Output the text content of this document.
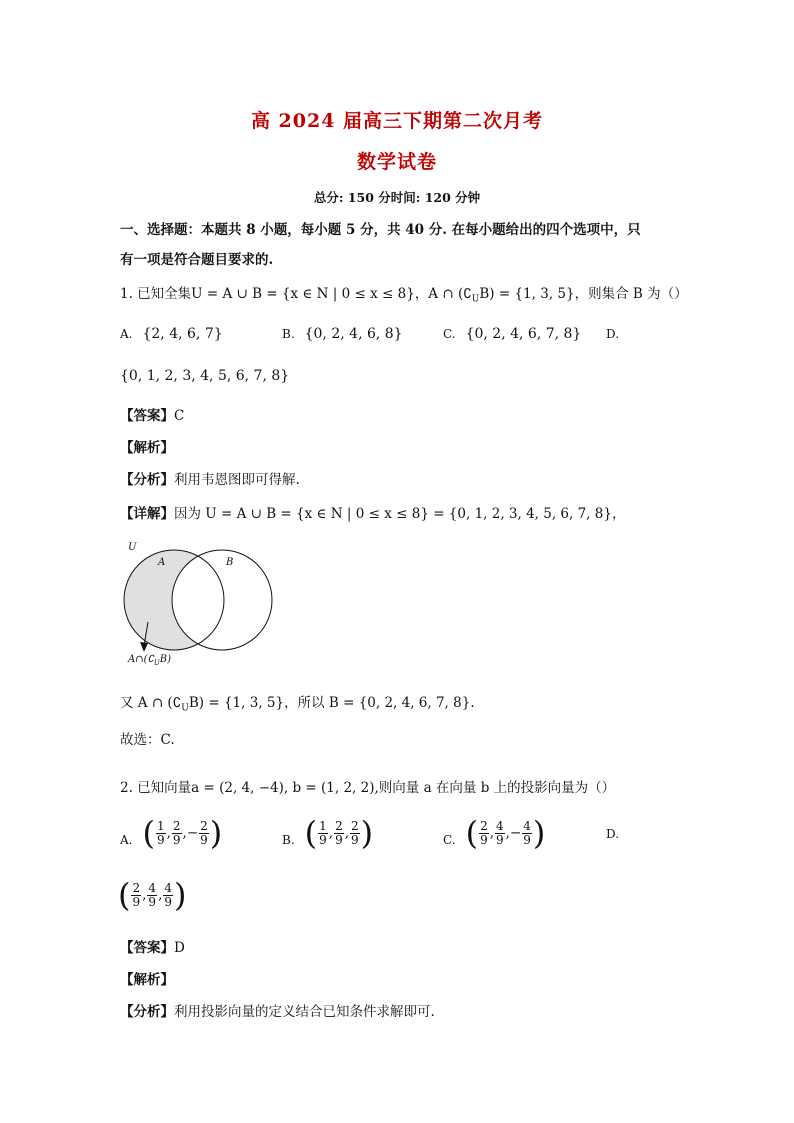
高 2024 届高三下期第二次月考
数学试卷
总分: 150 分时间: 120 分钟
一、选择题：本题共 8 小题，每小题 5 分，共 40 分. 在每小题给出的四个选项中，只
有一项是符合题目要求的.
1. 已知全集U = A ∪ B = {x ∈ N | 0 ≤ x ≤ 8}，A ∩ $(∁_UB) = \{1$, 3, 5}，则集合 B 为（）
A. {2, 4, 6, 7}	B. {0, 2, 4, 6, 8}	C. {0, 2, 4, 6, 7, 8} D.
{0, 1, 2, 3, 4, 5, 6, 7, 8}
【答案】C
【解析】
【分析】利用韦恩图即可得解.
【详解】因为 U = A ∪ B = {x ∈ N | 0 ≤ x ≤ 8} = {0, 1, 2, 3, 4, 5, 6, 7, 8}，
U
A	B
$A\cap(∁_UB)$
又 A ∩ $(∁_UB) = \{1$, 3, 5}，所以 B = {0, 2, 4, 6, 7, 8}.
故选：C.
2. 已知向量a = (2, 4, −4), b = (1, 2, 2),则向量 a 在向量 b 上的投影向量为（）
A. ( $\frac{1}{9}$ , $\frac{2}{9}$ , − $\frac{2}{9}$ )	B. ( $\frac{1}{9}$ , $\frac{2}{9}$ , $\frac{2}{9}$ )	C. ( $\frac{2}{9}$ , $\frac{4}{9}$ , − $\frac{4}{9}$ )	D.
( $\frac{2}{9}$ , $\frac{4}{9}$ , $\frac{4}{9}$ )
【答案】D
【解析】
【分析】利用投影向量的定义结合已知条件求解即可.
